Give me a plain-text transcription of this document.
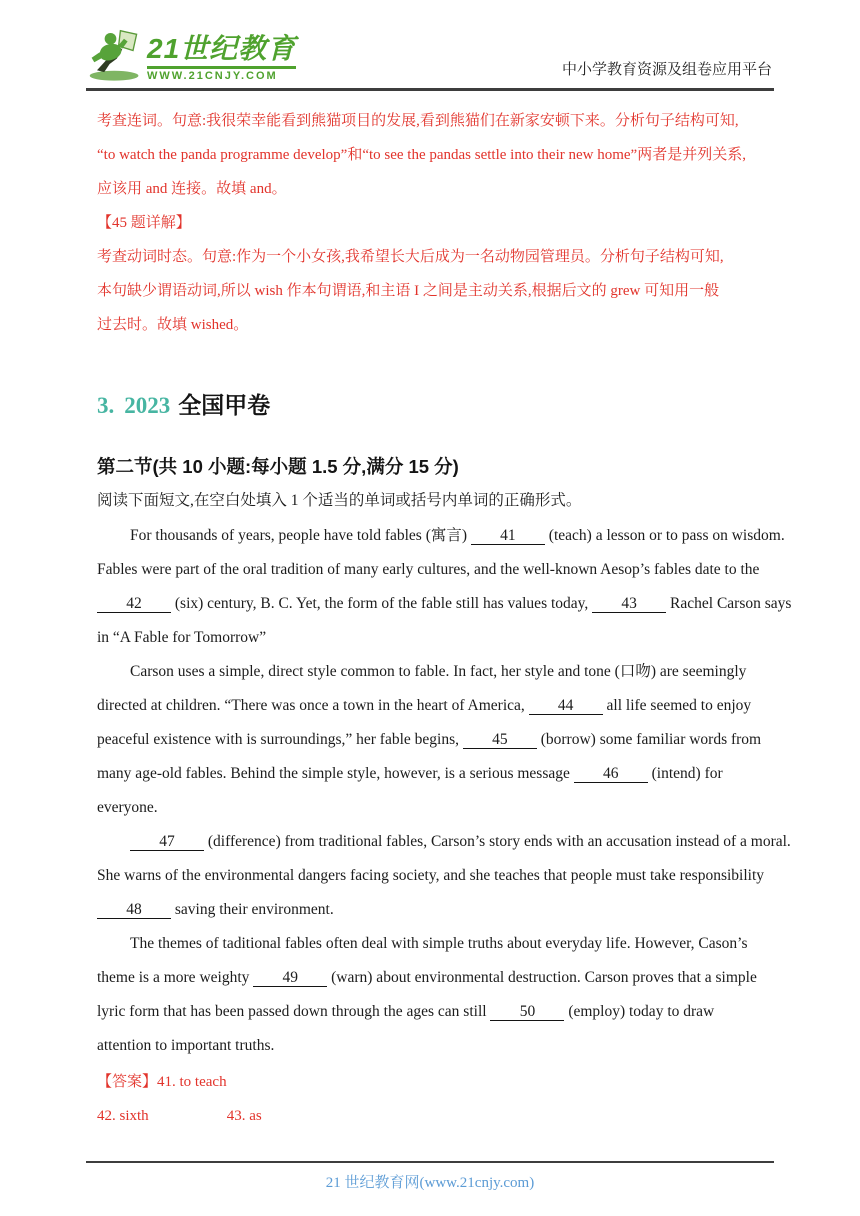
21世纪教育
WWW.21CNJY.COM	中小学教育资源及组卷应用平台
考查连词。句意:我很荣幸能看到熊猫项目的发展,看到熊猫们在新家安顿下来。分析句子结构可知,
“to watch the panda programme develop”和“to see the pandas settle into their new home”两者是并列关系,
应该用 and 连接。故填 and。
【45 题详解】
考查动词时态。句意:作为一个小女孩,我希望长大后成为一名动物园管理员。分析句子结构可知,
本句缺少谓语动词,所以 wish 作本句谓语,和主语 I 之间是主动关系,根据后文的 grew 可知用一般
过去时。故填 wished。
3. 2023 全国甲卷
第二节(共 10 小题:每小题 1.5 分,满分 15 分)
阅读下面短文,在空白处填入 1 个适当的单词或括号内单词的正确形式。
For thousands of years, people have told fables (寓言) 41 (teach) a lesson or to pass on wisdom.
Fables were part of the oral tradition of many early cultures, and the well-known Aesop’s fables date to the
42 (six) century, B. C. Yet, the form of the fable still has values today, 43 Rachel Carson says
in “A Fable for Tomorrow”
Carson uses a simple, direct style common to fable. In fact, her style and tone (口吻) are seemingly
directed at children. “There was once a town in the heart of America, 44 all life seemed to enjoy
peaceful existence with is surroundings,” her fable begins, 45 (borrow) some familiar words from
many age-old fables. Behind the simple style, however, is a serious message 46 (intend) for
everyone.
47 (difference) from traditional fables, Carson’s story ends with an accusation instead of a moral.
She warns of the environmental dangers facing society, and she teaches that people must take responsibility
48 saving their environment.
The themes of taditional fables often deal with simple truths about everyday life. However, Cason’s
theme is a more weighty 49 (warn) about environmental destruction. Carson proves that a simple
lyric form that has been passed down through the ages can still 50 (employ) today to draw
attention to important truths.
【答案】41. to teach
42. sixth	43. as
21 世纪教育网(www.21cnjy.com)
